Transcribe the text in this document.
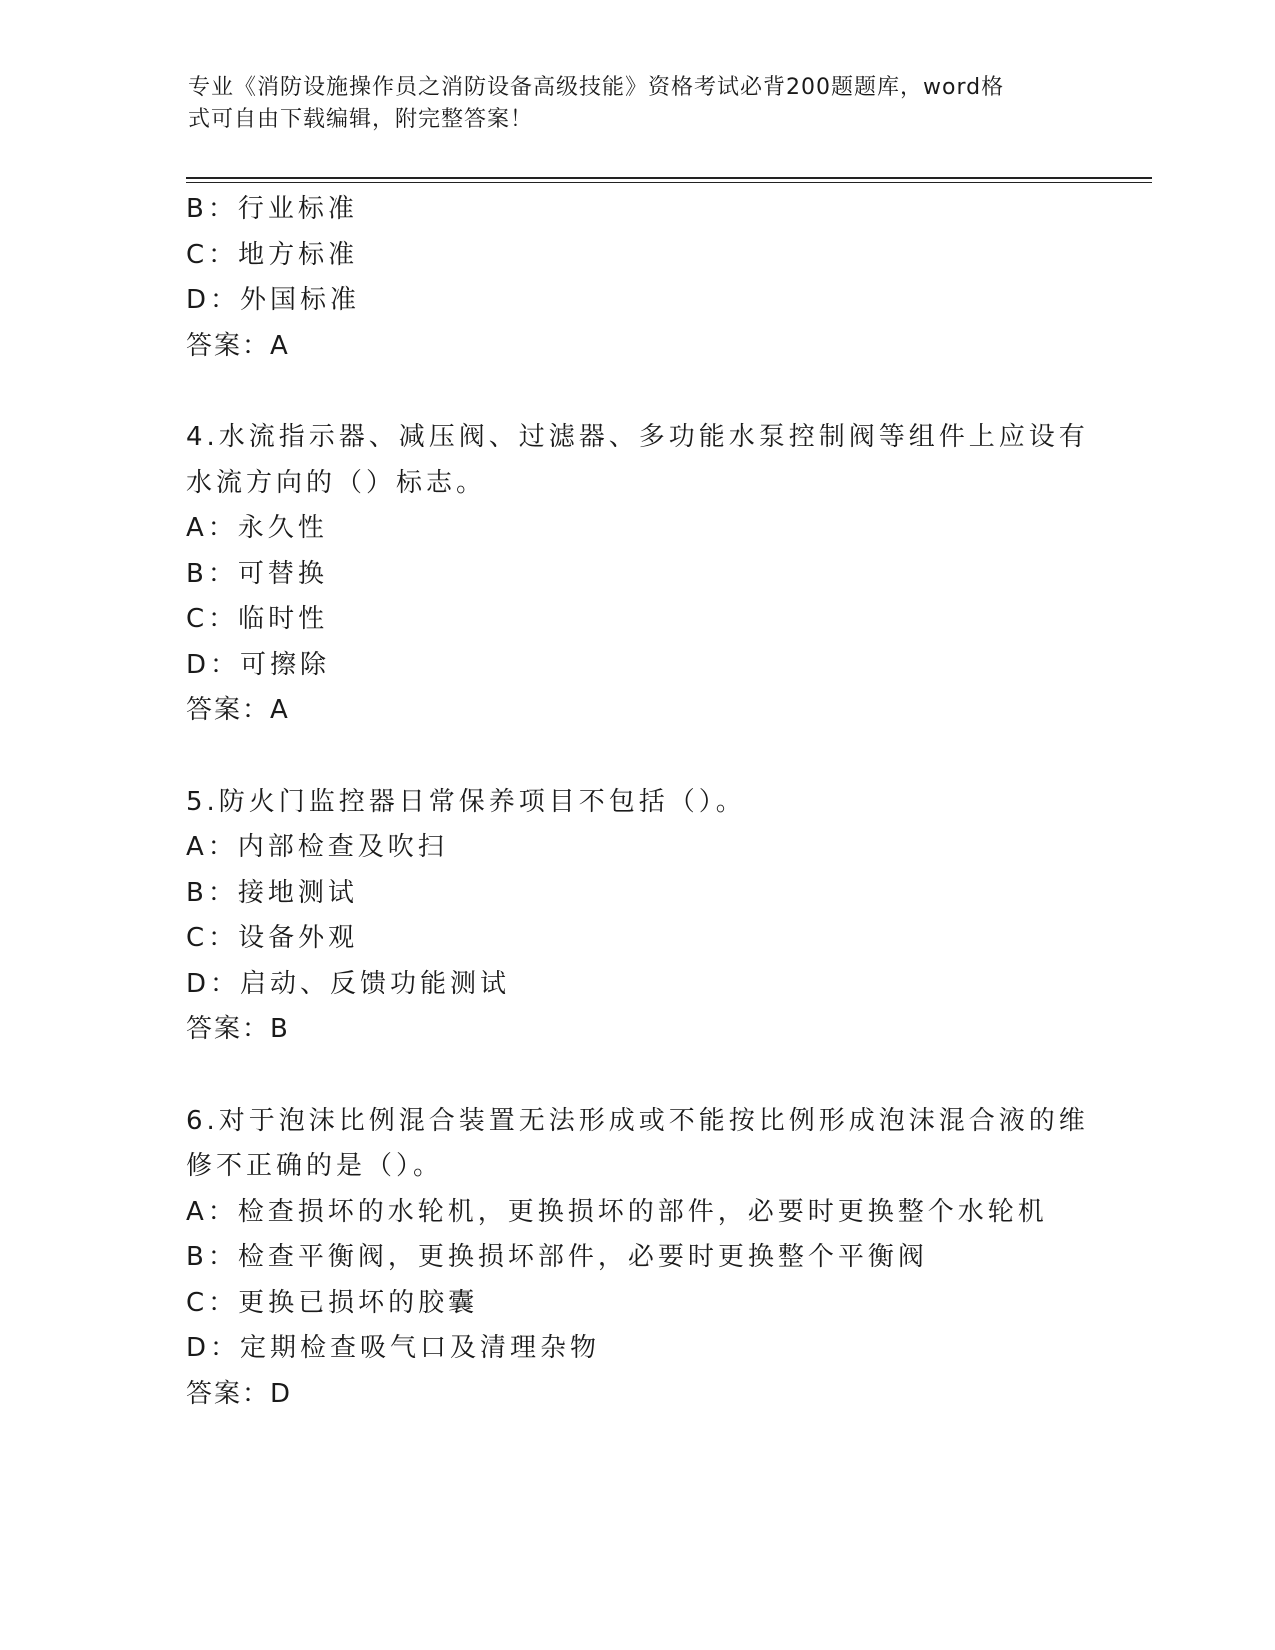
专业《消防设施操作员之消防设备高级技能》资格考试必背200题题库，word格
式可自由下载编辑，附完整答案！
B：行业标准
C：地方标准
D：外国标准
答案：A
4.水流指示器、减压阀、过滤器、多功能水泵控制阀等组件上应设有
水流方向的（）标志。
A：永久性
B：可替换
C：临时性
D：可擦除
答案：A
5.防火门监控器日常保养项目不包括（）。
A：内部检查及吹扫
B：接地测试
C：设备外观
D：启动、反馈功能测试
答案：B
6.对于泡沫比例混合装置无法形成或不能按比例形成泡沫混合液的维
修不正确的是（）。
A：检查损坏的水轮机，更换损坏的部件，必要时更换整个水轮机
B：检查平衡阀，更换损坏部件，必要时更换整个平衡阀
C：更换已损坏的胶囊
D：定期检查吸气口及清理杂物
答案：D
